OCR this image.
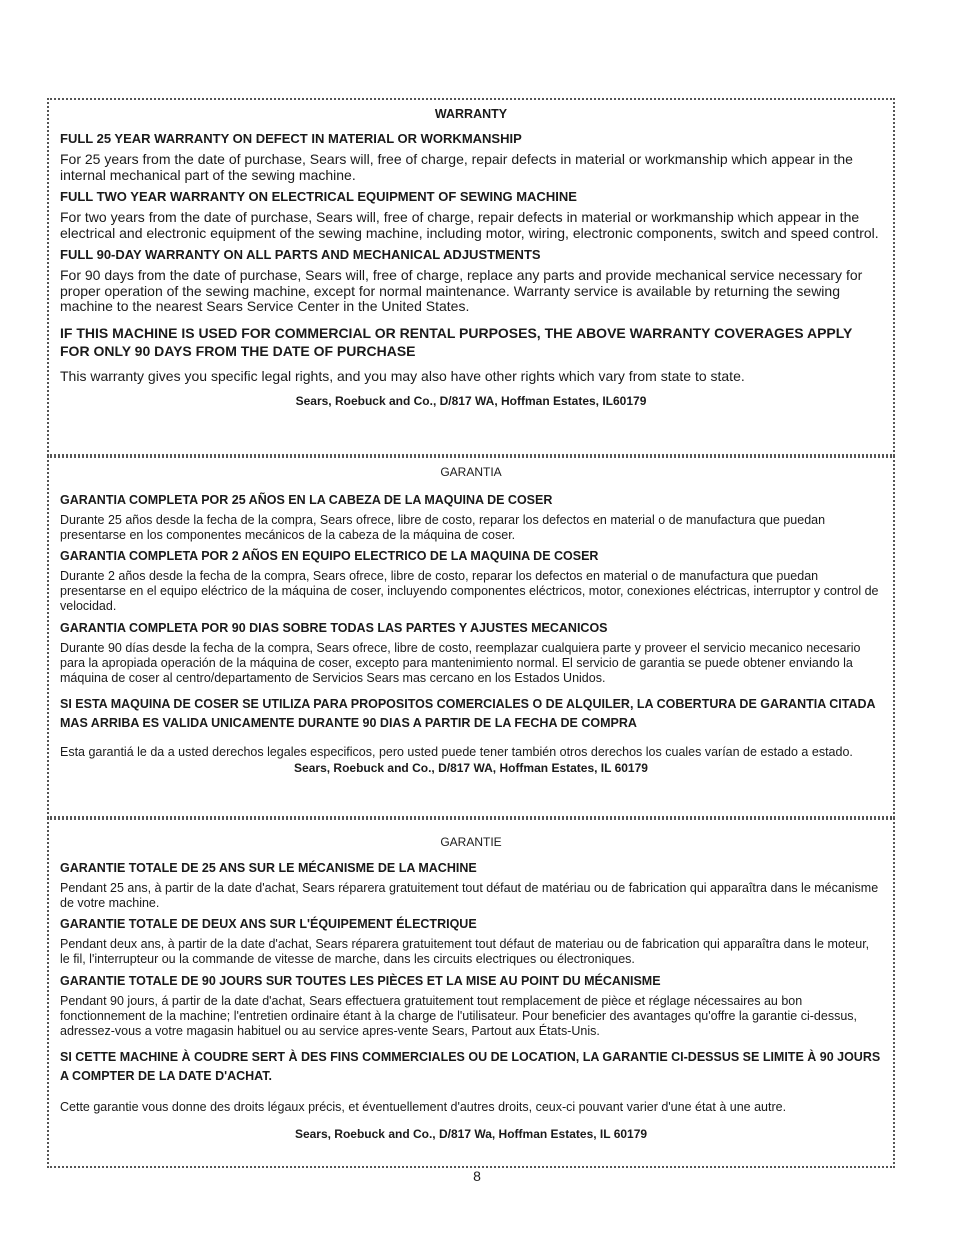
WARRANTY
FULL 25 YEAR WARRANTY ON DEFECT IN MATERIAL OR WORKMANSHIP

For 25 years from the date of purchase, Sears will, free of charge, repair defects in material or workmanship which appear in the internal mechanical part of the sewing machine.

FULL TWO YEAR WARRANTY ON ELECTRICAL EQUIPMENT OF SEWING MACHINE

For two years from the date of purchase, Sears will, free of charge, repair defects in material or workmanship which appear in the electrical and electronic equipment of the sewing machine, including motor, wiring, electronic components, switch and speed control.

FULL 90-DAY WARRANTY ON ALL PARTS AND MECHANICAL ADJUSTMENTS

For 90 days from the date of purchase, Sears will, free of charge, replace any parts and provide mechanical service necessary for proper operation of the sewing machine, except for normal maintenance. Warranty service is available by returning the sewing machine to the nearest Sears Service Center in the United States.

IF THIS MACHINE IS USED FOR COMMERCIAL OR RENTAL PURPOSES, THE ABOVE WARRANTY COVERAGES APPLY FOR ONLY 90 DAYS FROM THE DATE OF PURCHASE

This warranty gives you specific legal rights, and you may also have other rights which vary from state to state.

Sears, Roebuck and Co., D/817 WA, Hoffman Estates, IL60179
GARANTIA
GARANTIA COMPLETA POR 25 AÑOS EN LA CABEZA DE LA MAQUINA DE COSER

Durante 25 años desde la fecha de la compra, Sears ofrece, libre de costo, reparar los defectos en material o de manufactura que puedan presentarse en los componentes mecánicos de la cabeza de la máquina de coser.

GARANTIA COMPLETA POR 2 AÑOS EN EQUIPO ELECTRICO DE LA MAQUINA DE COSER

Durante 2 años desde la fecha de la compra, Sears ofrece, libre de costo, reparar los defectos en material o de manufactura que puedan presentarse en el equipo eléctrico de la máquina de coser, incluyendo componentes eléctricos, motor, conexiones eléctricas, interruptor y control de velocidad.

GARANTIA COMPLETA POR 90 DIAS SOBRE TODAS LAS PARTES Y AJUSTES MECANICOS

Durante 90 días desde la fecha de la compra, Sears ofrece, libre de costo, reemplazar cualquiera parte y proveer el servicio mecanico necesario para la apropiada operación de la máquina de coser, excepto para mantenimiento normal. El servicio de garantia se puede obtener enviando la máquina de coser al centro/departamento de Servicios Sears mas cercano en los Estados Unidos.

SI ESTA MAQUINA DE COSER SE UTILIZA PARA PROPOSITOS COMERCIALES O DE ALQUILER, LA COBERTURA DE GARANTIA CITADA MAS ARRIBA ES VALIDA UNICAMENTE DURANTE 90 DIAS A PARTIR DE LA FECHA DE COMPRA

Esta garantiá le da a usted derechos legales especificos, pero usted puede tener también otros derechos los cuales varían de estado a estado.

Sears, Roebuck and Co., D/817 WA, Hoffman Estates, IL 60179
GARANTIE
GARANTIE TOTALE DE 25 ANS SUR LE MÉCANISME DE LA MACHINE

Pendant 25 ans, à partir de la date d'achat, Sears réparera gratuitement tout défaut de matériau ou de fabrication qui apparaîtra dans le mécanisme de votre machine.

GARANTIE TOTALE DE DEUX ANS SUR L'ÉQUIPEMENT ÉLECTRIQUE

Pendant deux ans, à partir de la date d'achat, Sears réparera gratuitement tout défaut de materiau ou de fabrication qui apparaîtra dans le moteur, le fil, l'interrupteur ou la commande de vitesse de marche, dans les circuits electriques ou électroniques.

GARANTIE TOTALE DE 90 JOURS SUR TOUTES LES PIÈCES ET LA MISE AU POINT DU MÉCANISME

Pendant 90 jours, á partir de la date d'achat, Sears effectuera gratuitement tout remplacement de pièce et réglage nécessaires au bon fonctionnement de la machine; l'entretien ordinaire étant à la charge de l'utilisateur. Pour beneficier des avantages qu'offre la garantie ci-dessus, adressez-vous a votre magasin habituel ou au service apres-vente Sears, Partout aux États-Unis.

SI CETTE MACHINE À COUDRE SERT À DES FINS COMMERCIALES OU DE LOCATION, LA GARANTIE CI-DESSUS SE LIMITE À 90 JOURS A COMPTER DE LA DATE D'ACHAT.

Cette garantie vous donne des droits légaux précis, et éventuellement d'autres droits, ceux-ci pouvant varier d'une état à une autre.

Sears, Roebuck and Co., D/817 Wa, Hoffman Estates, IL 60179
8
